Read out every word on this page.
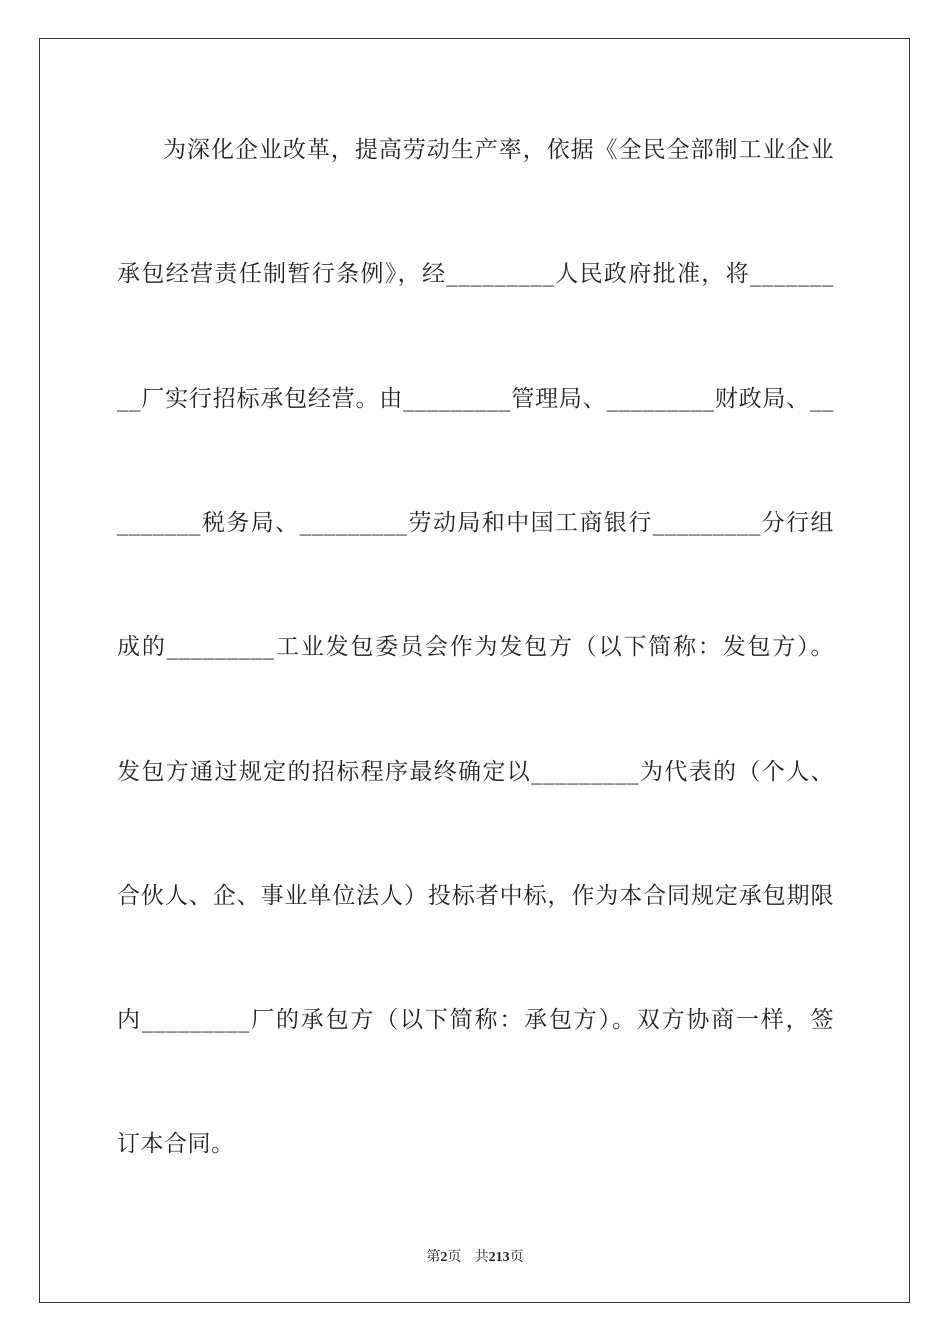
为深化企业改革，提高劳动生产率，依据《全民全部制工业企业
承包经营责任制暂行条例》，经_________人民政府批准，将_______
__厂实行招标承包经营。由_________管理局、_________财政局、__
_______税务局、_________劳动局和中国工商银行_________分行组
成的_________工业发包委员会作为发包方（以下简称：发包方）。
发包方通过规定的招标程序最终确定以_________为代表的（个人、
合伙人、企、事业单位法人）投标者中标，作为本合同规定承包期限
内_________厂的承包方（以下简称：承包方）。双方协商一样，签
订本合同。
第2页 共213页
